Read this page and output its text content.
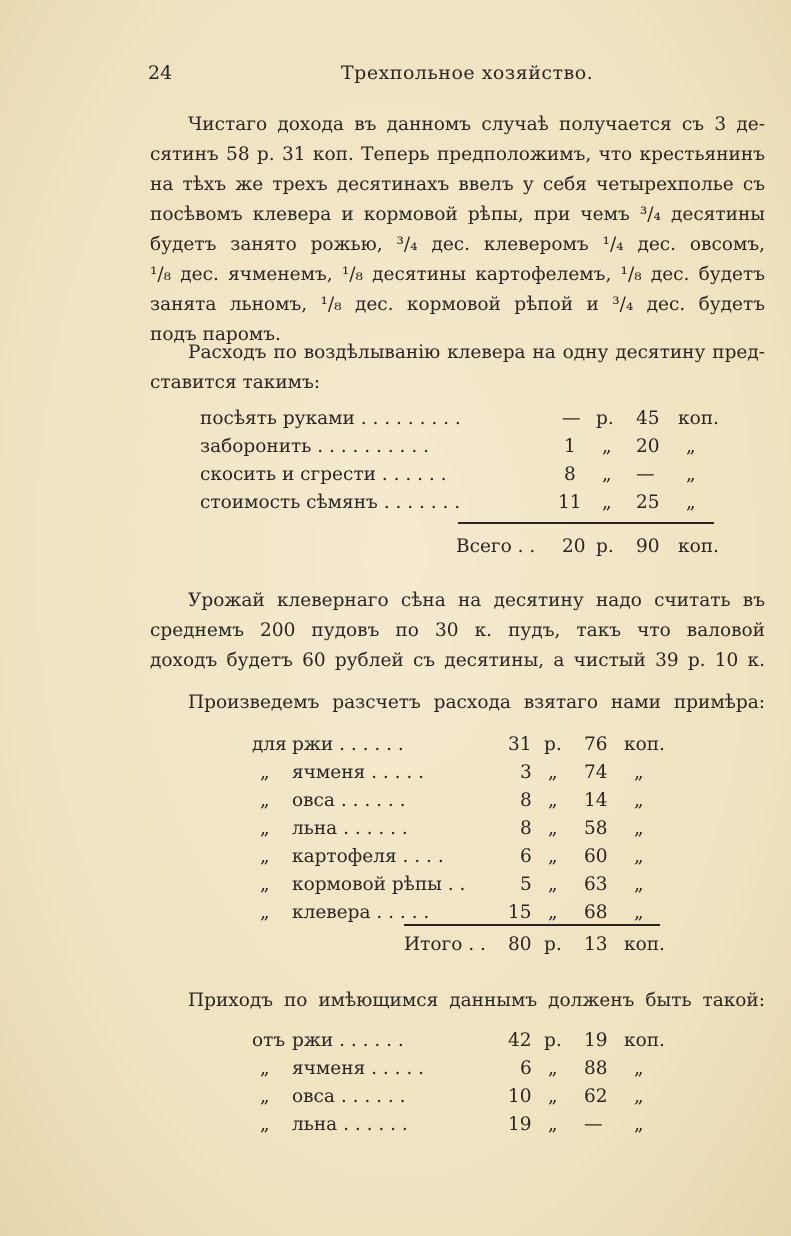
24	Трехпольное хозяйство.
Чистаго дохода въ данномъ случаѣ получается съ 3 де-
сятинъ 58 р. 31 коп. Теперь предположимъ, что крестьянинъ
на тѣхъ же трехъ десятинахъ ввелъ у себя четырехполье съ
посѣвомъ клевера и кормовой рѣпы, при чемъ ³/₄ десятины
будетъ занято рожью, ³/₄ дес. клеверомъ ¹/₄ дес. овсомъ,
¹/₈ дес. ячменемъ, ¹/₈ десятины картофелемъ, ¹/₈ дес. будетъ
занята льномъ, ¹/₈ дес. кормовой рѣпой и ³/₄ дес. будетъ
подъ паромъ.
Расходъ по воздѣлыванію клевера на одну десятину пред-
ставится такимъ:
посѣять руками . . . . . . . . .	— р. 45 коп.
заборонить . . . . . . . . . .	1 „ 20 „
скосить и сгрести . . . . . .	8 „ — „
стоимость сѣмянъ . . . . . . .	11 „ 25 „
Всего . . 20 р. 90 коп.
Урожай клевернаго сѣна на десятину надо считать въ
среднемъ 200 пудовъ по 30 к. пудъ, такъ что валовой
доходъ будетъ 60 рублей съ десятины, а чистый 39 р. 10 к.
Произведемъ разсчетъ расхода взятаго нами примѣра:
для ржи . . . . . .	31 р. 76 коп.
„ ячменя . . . . .	3 „ 74 „
„ овса . . . . . .	8 „ 14 „
„ льна . . . . . .	8 „ 58 „
„ картофеля . . . .	6 „ 60 „
„ кормовой рѣпы . .	5 „ 63 „
„ клевера . . . . .	15 „ 68 „
Итого . . 80 р. 13 коп.
Приходъ по имѣющимся даннымъ долженъ быть такой:
отъ ржи . . . . . .	42 р. 19 коп.
„ ячменя . . . . .	6 „ 88 „
„ овса . . . . . .	10 „ 62 „
„ льна . . . . . .	19 „ — „
